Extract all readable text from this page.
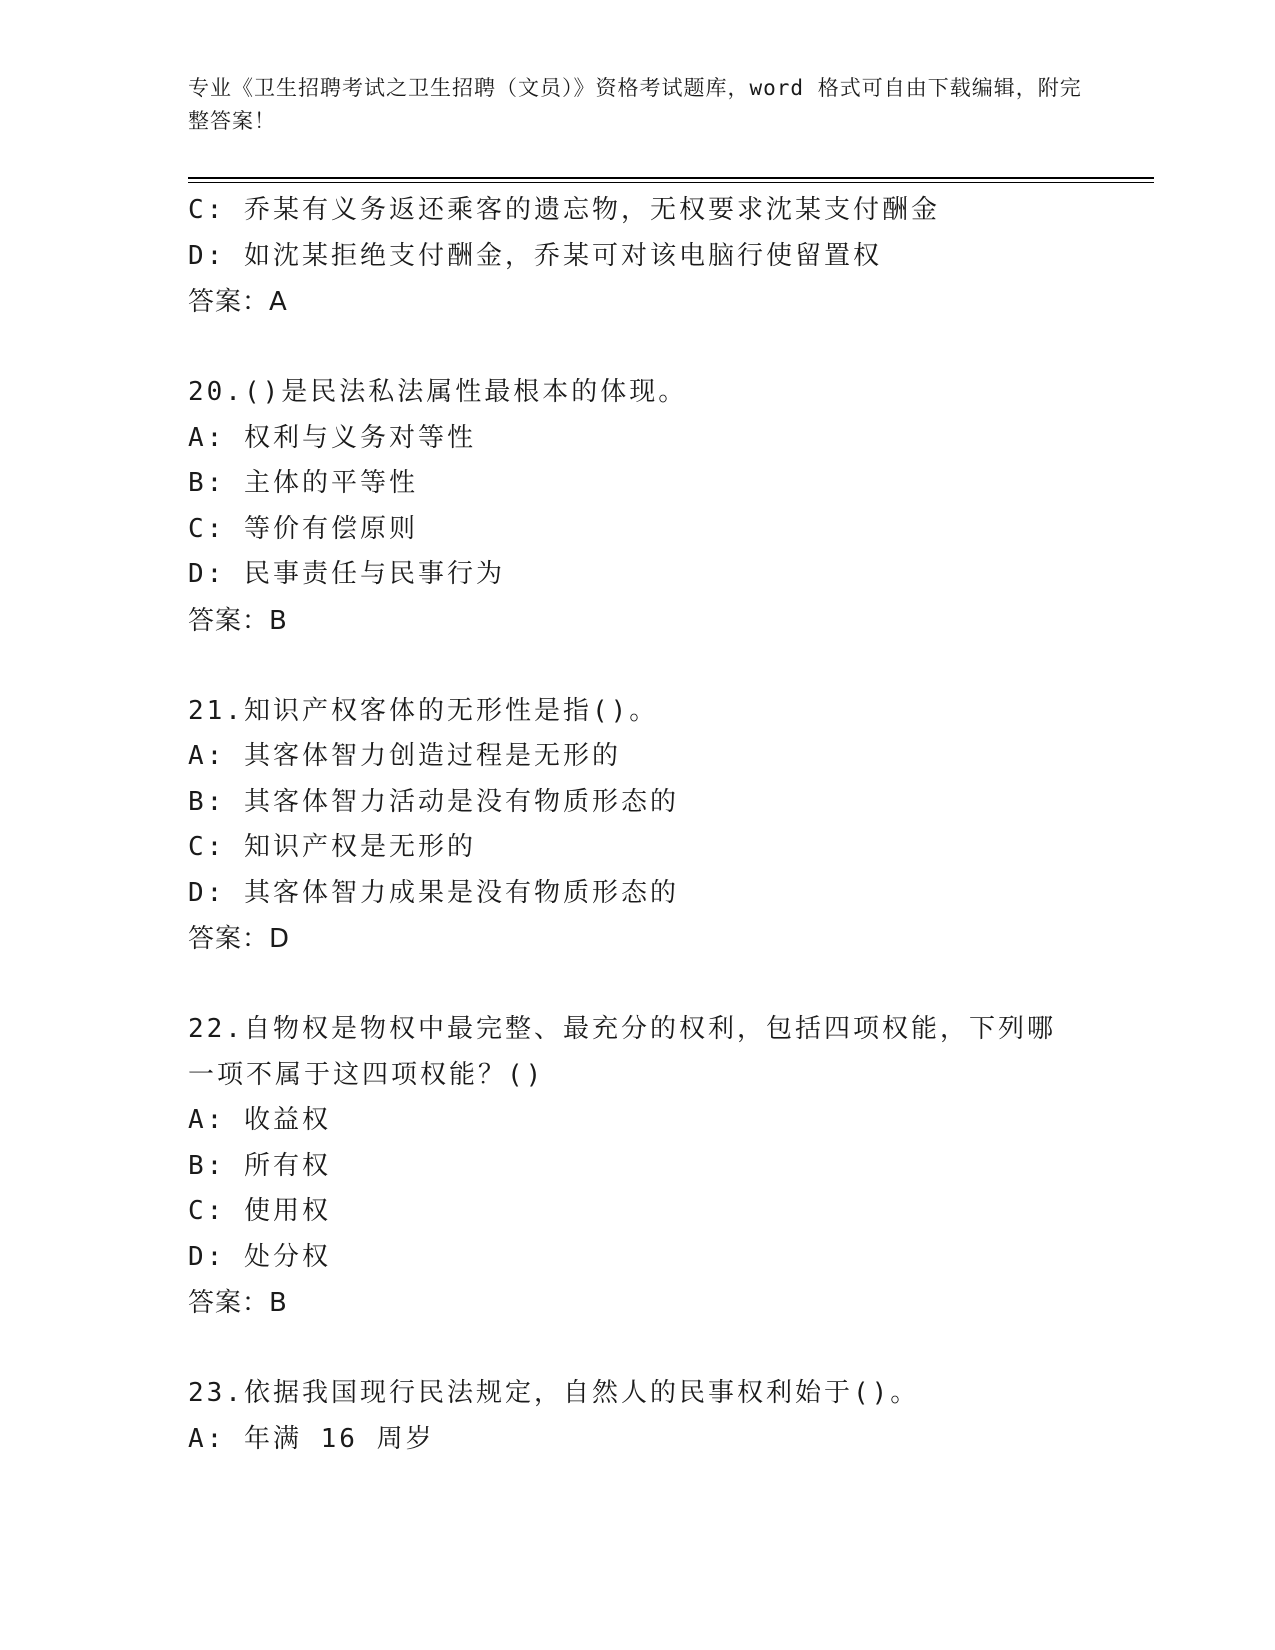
专业《卫生招聘考试之卫生招聘（文员）》资格考试题库，word 格式可自由下载编辑，附完整答案！
C: 乔某有义务返还乘客的遗忘物，无权要求沈某支付酬金
D: 如沈某拒绝支付酬金，乔某可对该电脑行使留置权
答案：A
20.()是民法私法属性最根本的体现。
A: 权利与义务对等性
B: 主体的平等性
C: 等价有偿原则
D: 民事责任与民事行为
答案：B
21.知识产权客体的无形性是指()。
A: 其客体智力创造过程是无形的
B: 其客体智力活动是没有物质形态的
C: 知识产权是无形的
D: 其客体智力成果是没有物质形态的
答案：D
22.自物权是物权中最完整、最充分的权利，包括四项权能，下列哪一项不属于这四项权能？()
A: 收益权
B: 所有权
C: 使用权
D: 处分权
答案：B
23.依据我国现行民法规定，自然人的民事权利始于()。
A: 年满 16 周岁
